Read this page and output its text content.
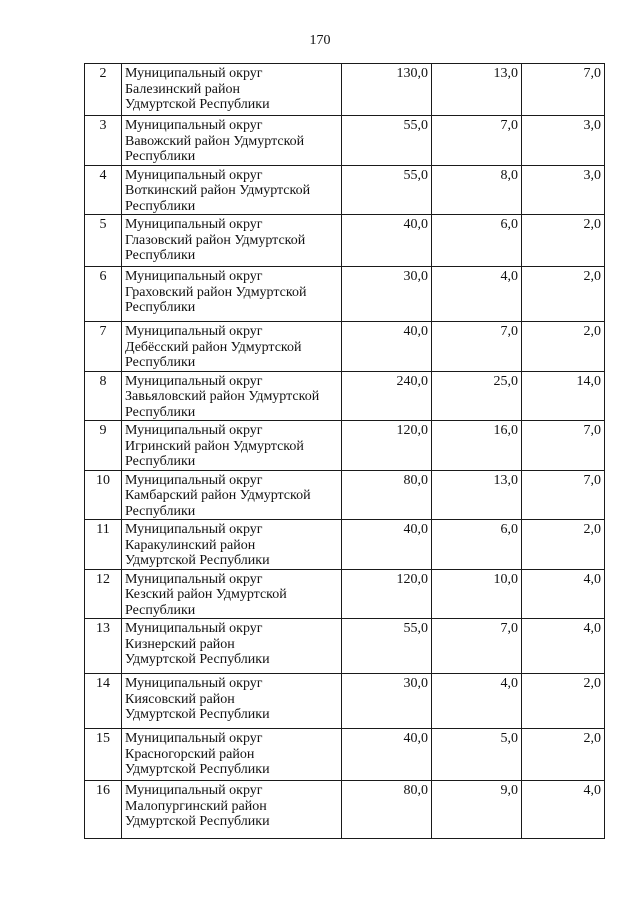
170
2	Муниципальный округ
Балезинский район
Удмуртской Республики	130,0	13,0	7,0
3	Муниципальный округ
Вавожский район Удмуртской
Республики	55,0	7,0	3,0
4	Муниципальный округ
Воткинский район Удмуртской
Республики	55,0	8,0	3,0
5	Муниципальный округ
Глазовский район Удмуртской
Республики	40,0	6,0	2,0
6	Муниципальный округ
Граховский район Удмуртской
Республики	30,0	4,0	2,0
7	Муниципальный округ
Дебёсский район Удмуртской
Республики	40,0	7,0	2,0
8	Муниципальный округ
Завьяловский район Удмуртской
Республики	240,0	25,0	14,0
9	Муниципальный округ
Игринский район Удмуртской
Республики	120,0	16,0	7,0
10	Муниципальный округ
Камбарский район Удмуртской
Республики	80,0	13,0	7,0
11	Муниципальный округ
Каракулинский район
Удмуртской Республики	40,0	6,0	2,0
12	Муниципальный округ
Кезский район Удмуртской
Республики	120,0	10,0	4,0
13	Муниципальный округ
Кизнерский район
Удмуртской Республики	55,0	7,0	4,0
14	Муниципальный округ
Киясовский район
Удмуртской Республики	30,0	4,0	2,0
15	Муниципальный округ
Красногорский район
Удмуртской Республики	40,0	5,0	2,0
16	Муниципальный округ
Малопургинский район
Удмуртской Республики	80,0	9,0	4,0
